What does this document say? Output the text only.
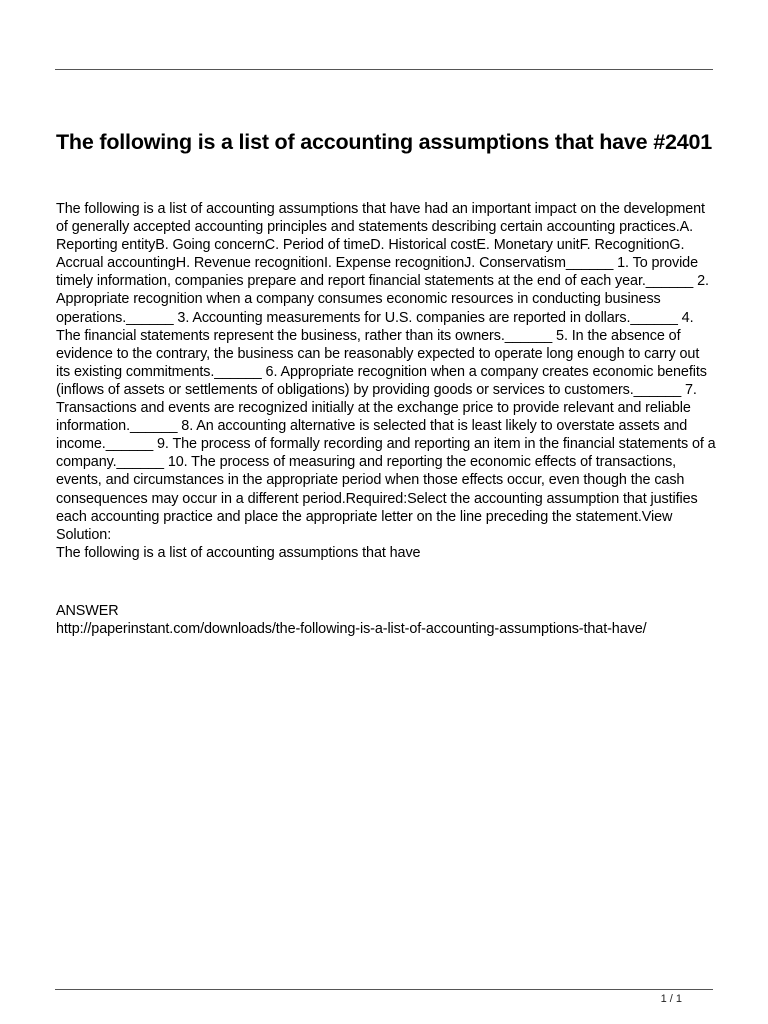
The following is a list of accounting assumptions that have #2401

The following is a list of accounting assumptions that have had an important impact on the development of generally accepted accounting principles and statements describing certain accounting practices.A. Reporting entityB. Going concernC. Period of timeD. Historical costE. Monetary unitF. RecognitionG. Accrual accountingH. Revenue recognitionI. Expense recognitionJ. Conservatism______ 1. To provide timely information, companies prepare and report financial statements at the end of each year.______ 2. Appropriate recognition when a company consumes economic resources in conducting business operations.______ 3. Accounting measurements for U.S. companies are reported in dollars.______ 4. The financial statements represent the business, rather than its owners.______ 5. In the absence of evidence to the contrary, the business can be reasonably expected to operate long enough to carry out its existing commitments.______ 6. Appropriate recognition when a company creates economic benefits (inflows of assets or settlements of obligations) by providing goods or services to customers.______ 7. Transactions and events are recognized initially at the exchange price to provide relevant and reliable information.______ 8. An accounting alternative is selected that is least likely to overstate assets and income.______ 9. The process of formally recording and reporting an item in the financial statements of a company.______ 10. The process of measuring and reporting the economic effects of transactions, events, and circumstances in the appropriate period when those effects occur, even though the cash consequences may occur in a different period.Required:Select the accounting assumption that justifies each accounting practice and place the appropriate letter on the line preceding the statement.View Solution:

The following is a list of accounting assumptions that have

ANSWER
http://paperinstant.com/downloads/the-following-is-a-list-of-accounting-assumptions-that-have/
1 / 1
